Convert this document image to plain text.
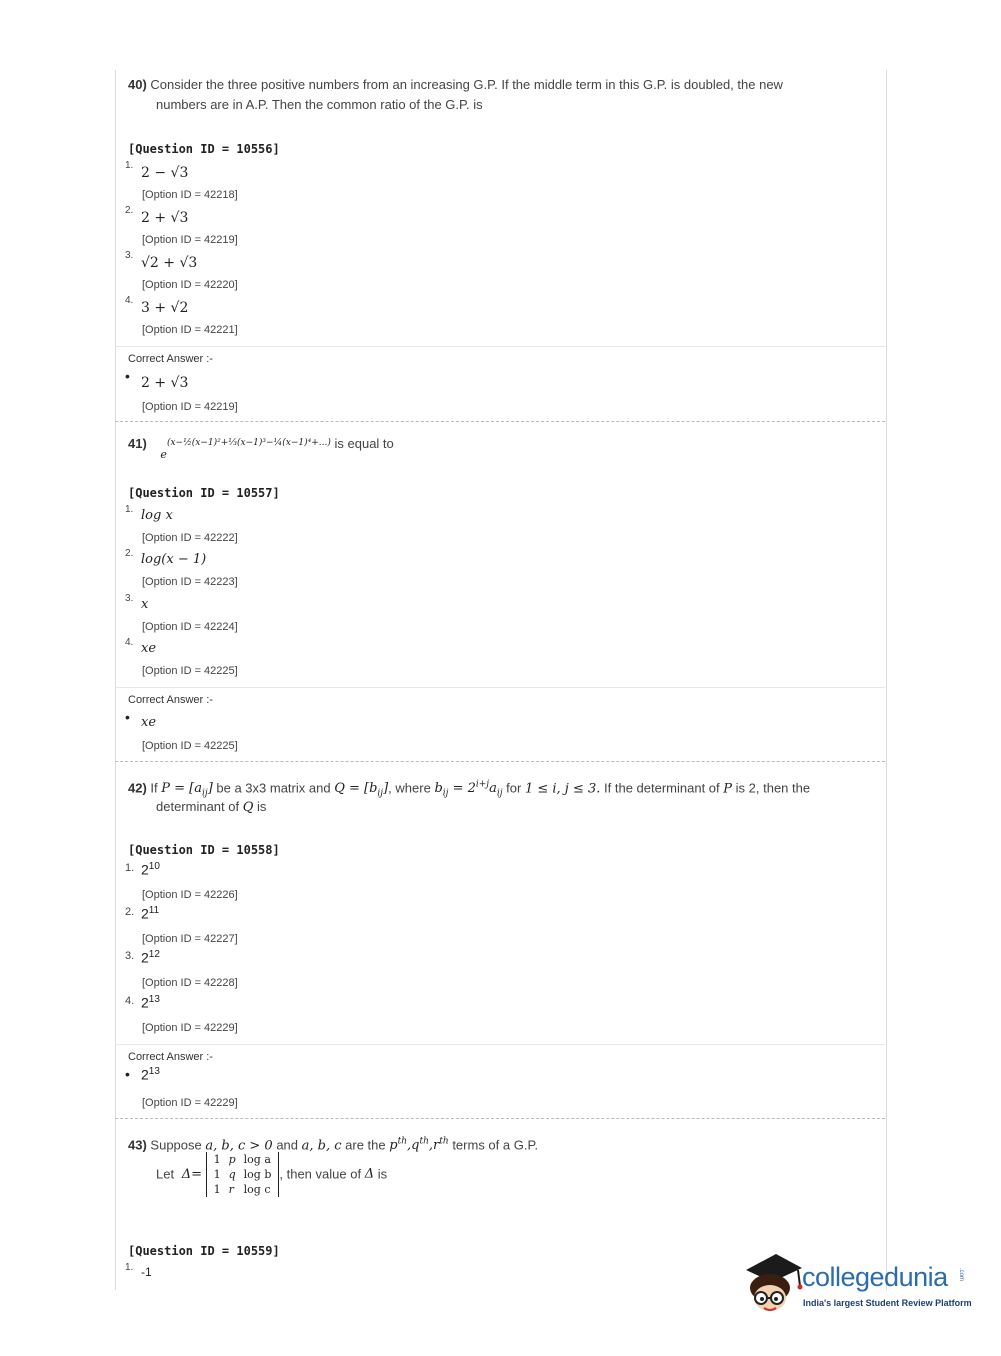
40) Consider the three positive numbers from an increasing G.P. If the middle term in this G.P. is doubled, the new
numbers are in A.P. Then the common ratio of the G.P. is
[Question ID = 10556]
1. 2 − √3
[Option ID = 42218]
2. 2 + √3
[Option ID = 42219]
3. √2 + √3
[Option ID = 42220]
4. 3 + √2
[Option ID = 42221]
Correct Answer :-
• 2 + √3
[Option ID = 42219]
41) $_e^{(x-\frac{1}{2}(x-1)^2+\frac{1}{3}(x-1)^3-\frac{1}{4}(x-1)^4+...)}$ is equal to
[Question ID = 10557]
1. log x
[Option ID = 42222]
2. log(x − 1)
[Option ID = 42223]
3. x
[Option ID = 42224]
4. xe
[Option ID = 42225]
Correct Answer :-
• xe
[Option ID = 42225]
42) If $P = [a_{ij}]$ be a 3x3 matrix and $Q = [b_{ij}]$, where $b_{ij} = 2^{i+j}a_{ij}$ for 1 ≤ i, j ≤ 3. If the determinant of P is 2, then the
determinant of Q is
[Question ID = 10558]
1. $2^{10}$
[Option ID = 42226]
2. $2^{11}$
[Option ID = 42227]
3. $2^{12}$
[Option ID = 42228]
4. $2^{13}$
[Option ID = 42229]
Correct Answer :-
• $2^{13}$
[Option ID = 42229]
43) Suppose a, b, c > 0 and a, b, c are the $p^{th},q^{th},r^{th}$ terms of a G.P.
Let Δ= 1	p	log a
1	q	log b
1	r	log c, then value of Δ is
[Question ID = 10559]
1. -1	collegedunia .com
India's largest Student Review Platform
